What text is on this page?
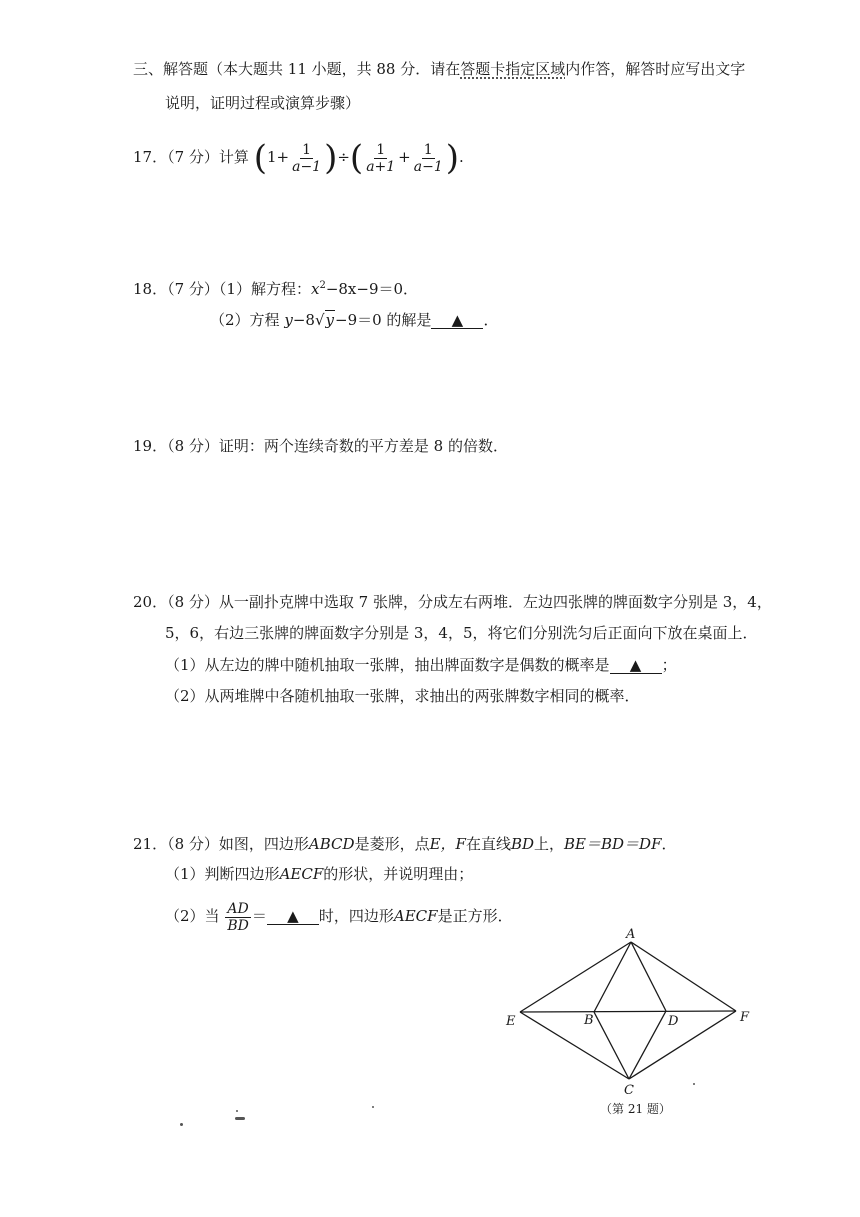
三、解答题（本大题共 11 小题，共 88 分．请在答题卡指定区域内作答，解答时应写出文字
说明，证明过程或演算步骤）
17．（7 分）计算 ($1+ \frac{1}{a-1}$ )÷( $\frac{1}{a+1} + \frac{1}{a-1}$ ).
18．（7 分）（1）解方程：$x^2-8x-9=0$．
（2）方程 y−8√y−9＝0 的解是 ▲ ．
19．（8 分）证明：两个连续奇数的平方差是 8 的倍数．
20．（8 分）从一副扑克牌中选取 7 张牌，分成左右两堆．左边四张牌的牌面数字分别是 3，4，
5，6，右边三张牌的牌面数字分别是 3，4，5，将它们分别洗匀后正面向下放在桌面上．
（1）从左边的牌中随机抽取一张牌，抽出牌面数字是偶数的概率是 ▲ ；
（2）从两堆牌中各随机抽取一张牌，求抽出的两张牌数字相同的概率．
21．（8 分）如图，四边形ABCD是菱形，点E，F在直线BD上，BE＝BD＝DF．
（1）判断四边形AECF的形状，并说明理由；
（2）当 $\frac{AD}{BD}$ ＝ ▲ 时，四边形AECF是正方形．
A
E	B	D	F
C
（第 21 题）
